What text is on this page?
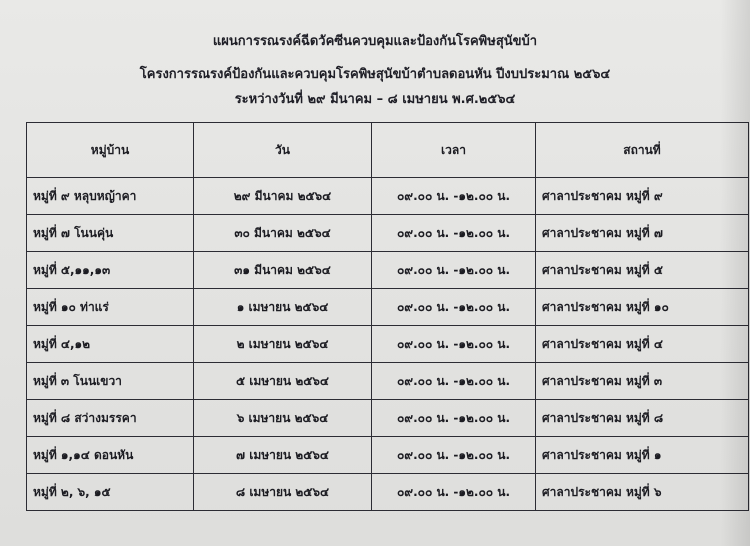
แผนการรณรงค์ฉีดวัคซีนควบคุมและป้องกันโรคพิษสุนัขบ้า
โครงการรณรงค์ป้องกันและควบคุมโรคพิษสุนัขบ้าตำบลดอนหัน ปีงบประมาณ ๒๕๖๔
ระหว่างวันที่ ๒๙ มีนาคม – ๘ เมษายน พ.ศ.๒๕๖๔
หมู่บ้าน	วัน	เวลา	สถานที่
หมู่ที่ ๙ หลุบหญ้าคา	๒๙ มีนาคม ๒๕๖๔	๐๙.๐๐ น. -๑๒.๐๐ น.	ศาลาประชาคม หมู่ที่ ๙
หมู่ที่ ๗ โนนคุ่น	๓๐ มีนาคม ๒๕๖๔	๐๙.๐๐ น. -๑๒.๐๐ น.	ศาลาประชาคม หมู่ที่ ๗
หมู่ที่ ๕,๑๑,๑๓	๓๑ มีนาคม ๒๕๖๔	๐๙.๐๐ น. -๑๒.๐๐ น.	ศาลาประชาคม หมู่ที่ ๕
หมู่ที่ ๑๐ ท่าแร่	๑ เมษายน ๒๕๖๔	๐๙.๐๐ น. -๑๒.๐๐ น.	ศาลาประชาคม หมู่ที่ ๑๐
หมู่ที่ ๔,๑๒	๒ เมษายน ๒๕๖๔	๐๙.๐๐ น. -๑๒.๐๐ น.	ศาลาประชาคม หมู่ที่ ๔
หมู่ที่ ๓ โนนเขวา	๕ เมษายน ๒๕๖๔	๐๙.๐๐ น. -๑๒.๐๐ น.	ศาลาประชาคม หมู่ที่ ๓
หมู่ที่ ๘ สว่างมรรคา	๖ เมษายน ๒๕๖๔	๐๙.๐๐ น. -๑๒.๐๐ น.	ศาลาประชาคม หมู่ที่ ๘
หมู่ที่ ๑,๑๔ ดอนหัน	๗ เมษายน ๒๕๖๔	๐๙.๐๐ น. -๑๒.๐๐ น.	ศาลาประชาคม หมู่ที่ ๑
หมู่ที่ ๒, ๖, ๑๕	๘ เมษายน ๒๕๖๔	๐๙.๐๐ น. -๑๒.๐๐ น.	ศาลาประชาคม หมู่ที่ ๖
